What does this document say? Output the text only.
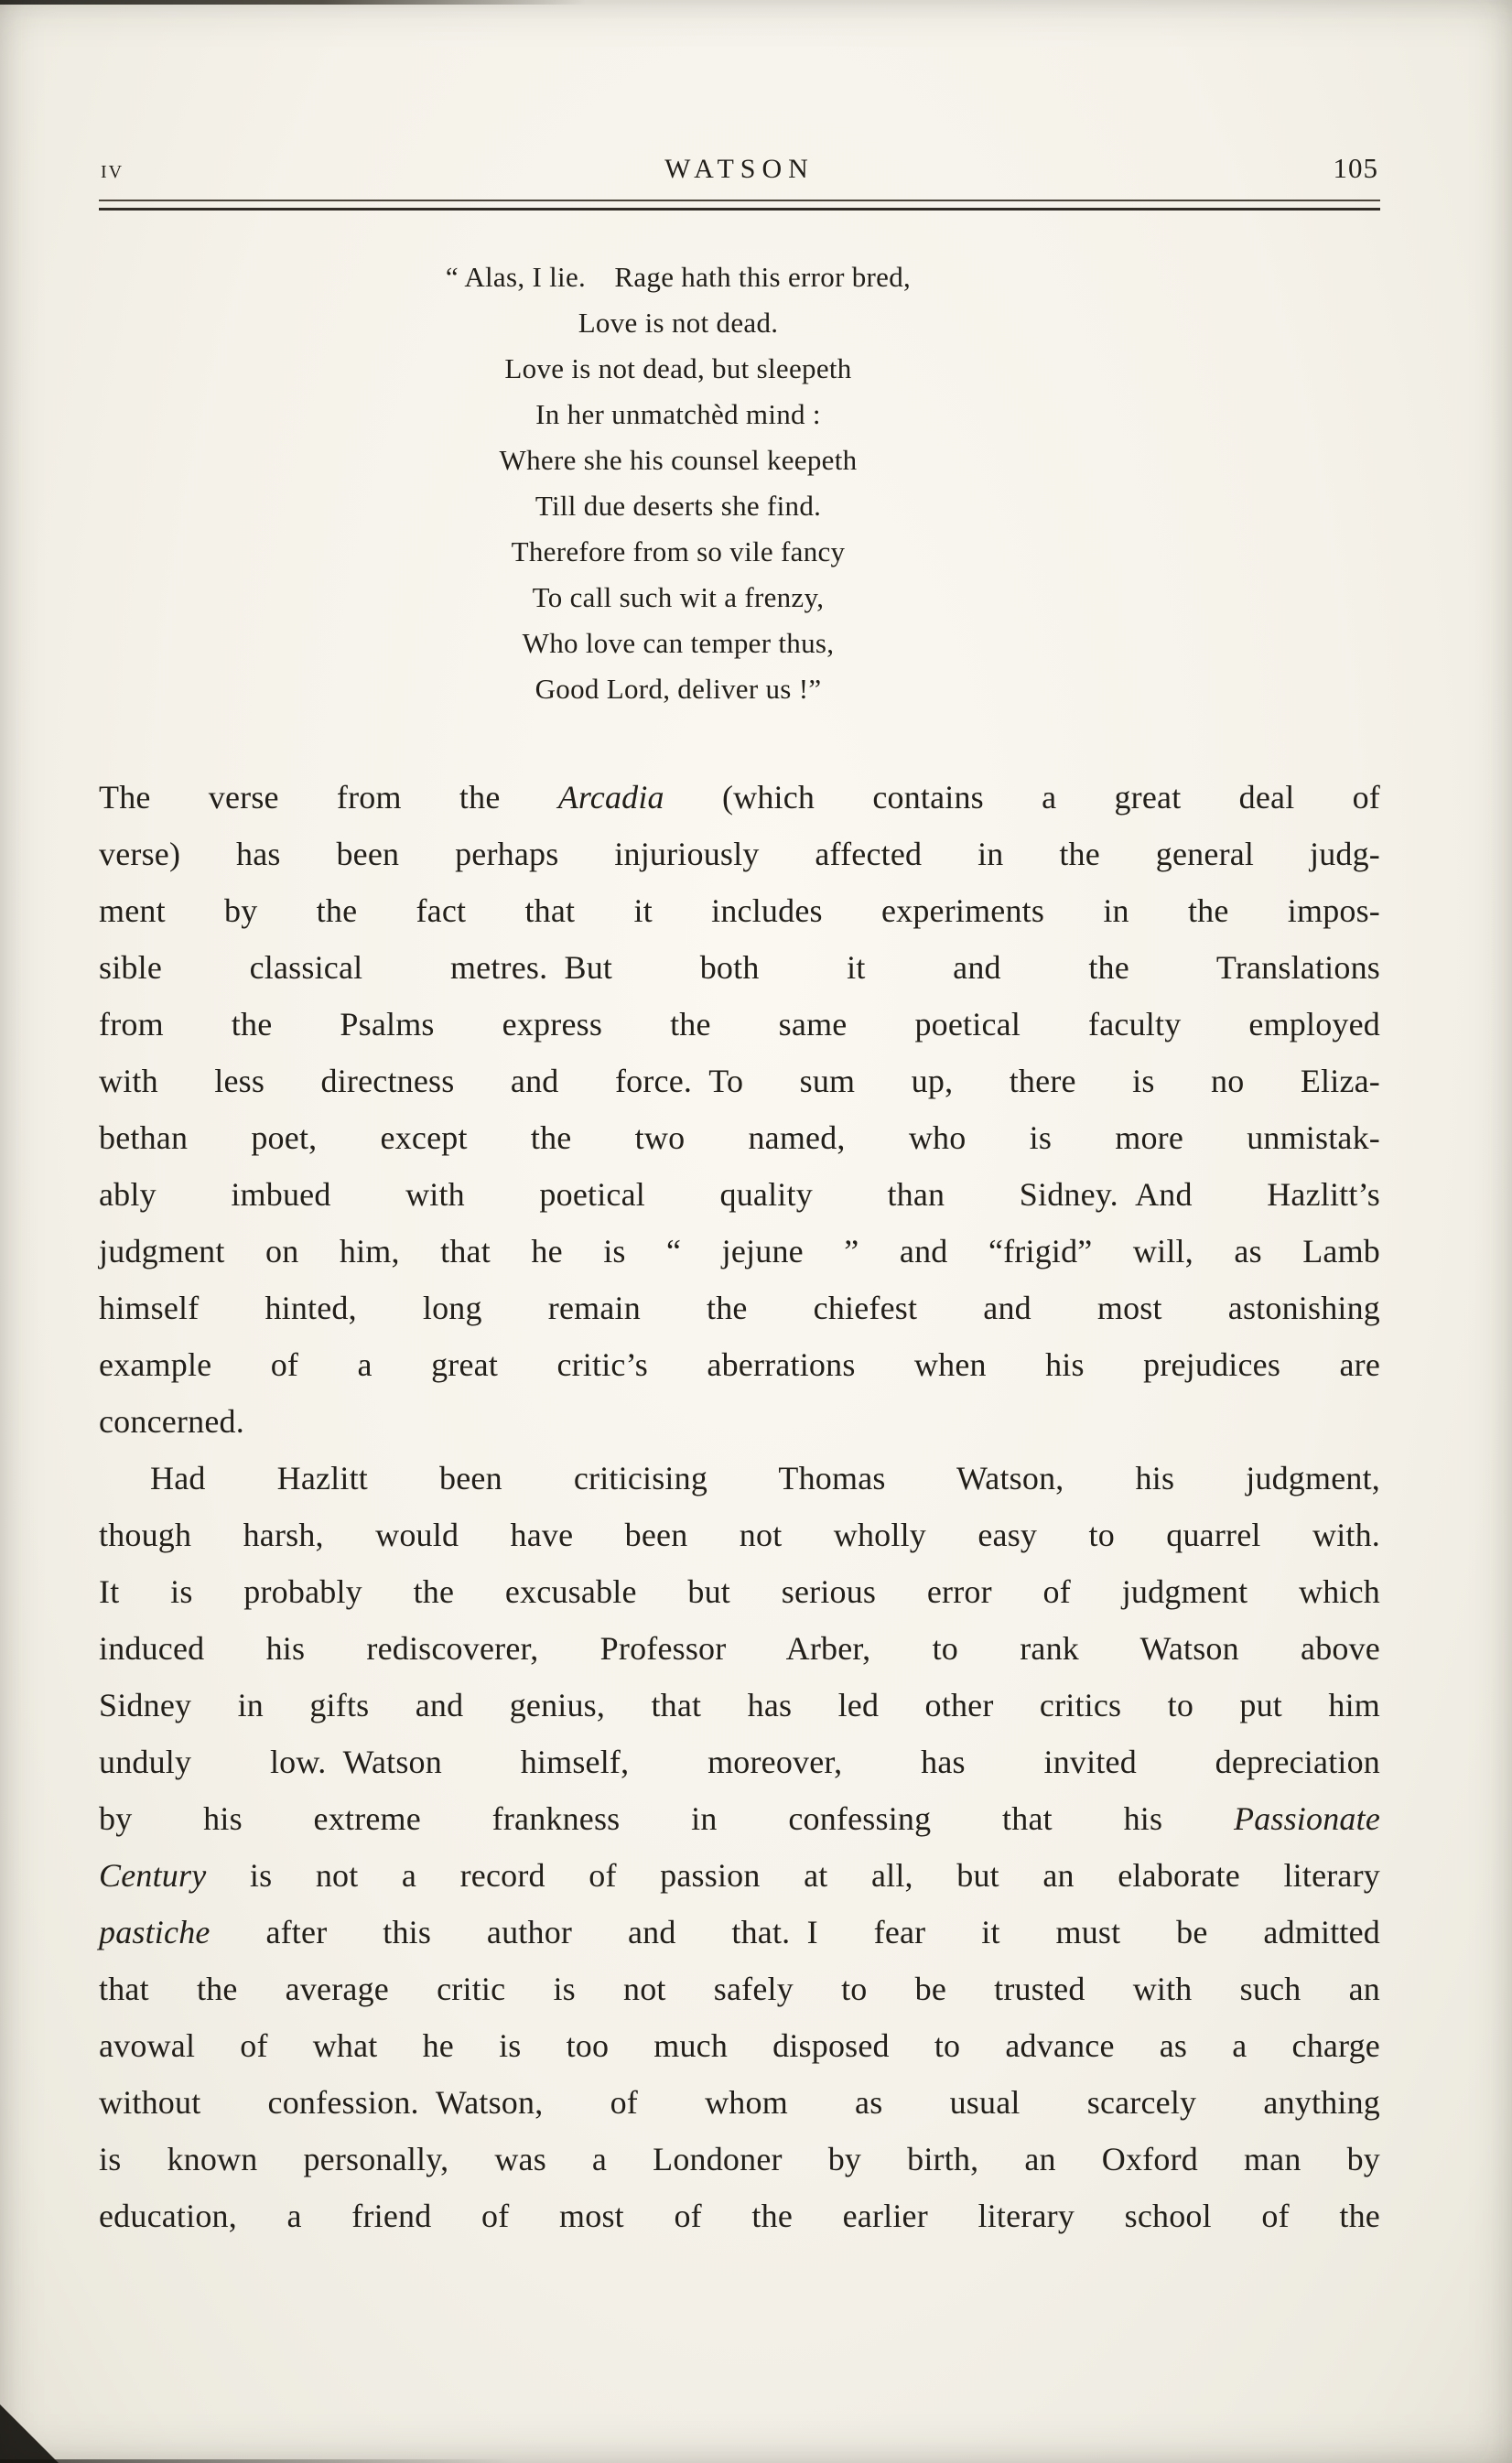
iv	WATSON	105
“ Alas, I lie. Rage hath this error bred,
Love is not dead.
Love is not dead, but sleepeth
In her unmatchèd mind :
Where she his counsel keepeth
Till due deserts she find.
Therefore from so vile fancy
To call such wit a frenzy,
Who love can temper thus,
Good Lord, deliver us !”
The verse from the Arcadia (which contains a great deal of
verse) has been perhaps injuriously affected in the general judg-
ment by the fact that it includes experiments in the impos-
sible classical metres. But both it and the Translations
from the Psalms express the same poetical faculty employed
with less directness and force. To sum up, there is no Eliza-
bethan poet, except the two named, who is more unmistak-
ably imbued with poetical quality than Sidney. And Hazlitt’s
judgment on him, that he is “ jejune ” and “frigid” will, as Lamb
himself hinted, long remain the chiefest and most astonishing
example of a great critic’s aberrations when his prejudices are
concerned.
Had Hazlitt been criticising Thomas Watson, his judgment,
though harsh, would have been not wholly easy to quarrel with.
It is probably the excusable but serious error of judgment which
induced his rediscoverer, Professor Arber, to rank Watson above
Sidney in gifts and genius, that has led other critics to put him
unduly low. Watson himself, moreover, has invited depreciation
by his extreme frankness in confessing that his Passionate
Century is not a record of passion at all, but an elaborate literary
pastiche after this author and that. I fear it must be admitted
that the average critic is not safely to be trusted with such an
avowal of what he is too much disposed to advance as a charge
without confession. Watson, of whom as usual scarcely anything
is known personally, was a Londoner by birth, an Oxford man by
education, a friend of most of the earlier literary school of the
